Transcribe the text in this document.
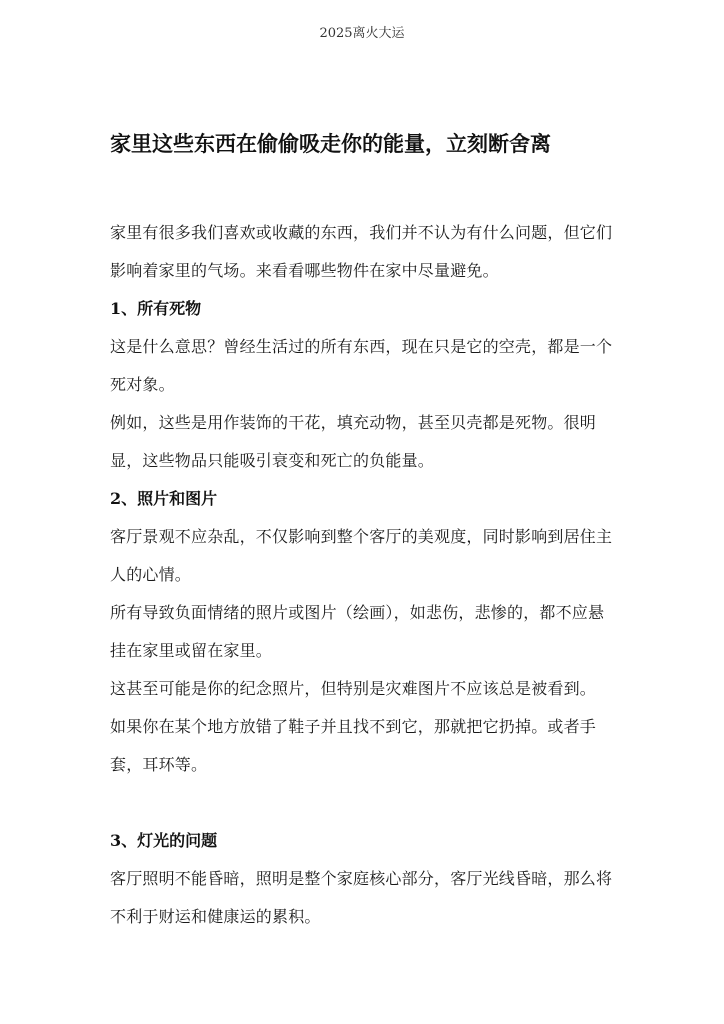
2025离火大运
家里这些东西在偷偷吸走你的能量，立刻断舍离

家里有很多我们喜欢或收藏的东西，我们并不认为有什么问题，但它们影响着家里的气场。来看看哪些物件在家中尽量避免。

1、所有死物

这是什么意思？曾经生活过的所有东西，现在只是它的空壳，都是一个死对象。

例如，这些是用作装饰的干花，填充动物，甚至贝壳都是死物。很明显，这些物品只能吸引衰变和死亡的负能量。

2、照片和图片

客厅景观不应杂乱，不仅影响到整个客厅的美观度，同时影响到居住主人的心情。

所有导致负面情绪的照片或图片（绘画），如悲伤，悲惨的，都不应悬挂在家里或留在家里。

这甚至可能是你的纪念照片，但特别是灾难图片不应该总是被看到。

如果你在某个地方放错了鞋子并且找不到它，那就把它扔掉。或者手套，耳环等。

3、灯光的问题

客厅照明不能昏暗，照明是整个家庭核心部分，客厅光线昏暗，那么将不利于财运和健康运的累积。
